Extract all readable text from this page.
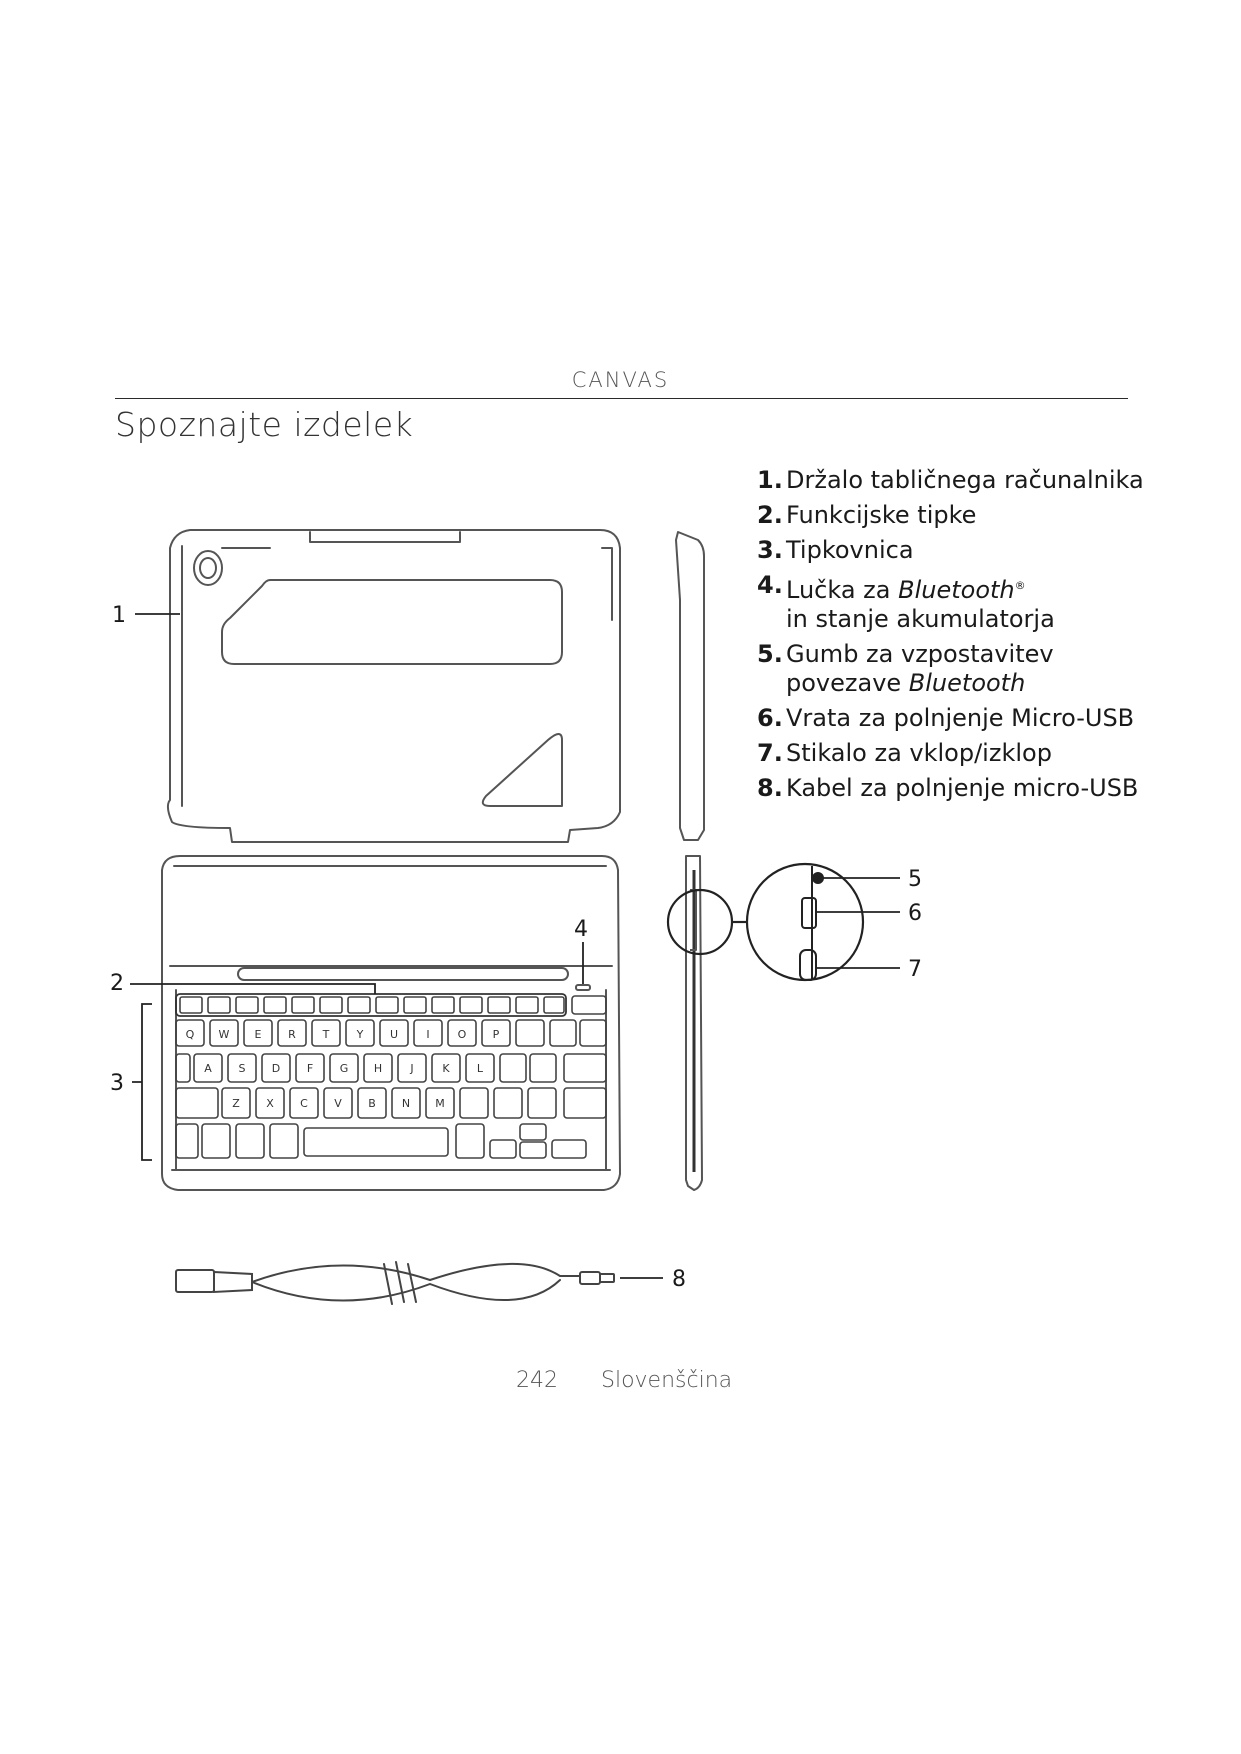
CANVAS
Spoznajte izdelek
1. Držalo tabličnega računalnika
2. Funkcijske tipke
3. Tipkovnica
4. Lučka za Bluetooth®
in stanje akumulatorja
5. Gumb za vzpostavitev
povezave Bluetooth
6. Vrata za polnjenje Micro-USB
7. Stikalo za vklop/izklop
8. Kabel za polnjenje micro-USB
Q W E R T Y U	I	O P
A S D F G H	J	K L
Z X C V B N M
1
2
3
4
5
6
7
8
242 Slovenščina
